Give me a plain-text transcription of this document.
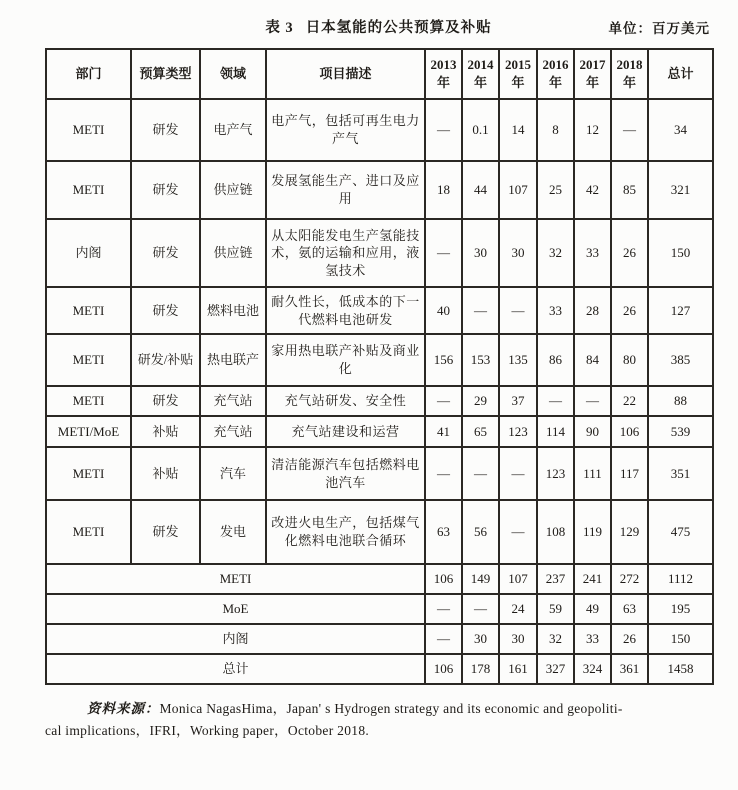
表 3 日本氢能的公共预算及补贴	单位：百万美元
部门	预算类型	领域	项目描述	2013 年	2014 年	2015 年	2016 年	2017 年	2018 年	总计
METI	研发	电产气	电产气，包括可再生电力产气	—	0.1	14	8	12	—	34
METI	研发	供应链	发展氢能生产、进口及应用	18	44	107	25	42	85	321
内阁	研发	供应链	从太阳能发电生产氢能技术，氨的运输和应用，液氢技术	—	30	30	32	33	26	150
METI	研发	燃料电池	耐久性长，低成本的下一代燃料电池研发	40	—	—	33	28	26	127
METI	研发/补贴	热电联产	家用热电联产补贴及商业化	156	153	135	86	84	80	385
METI	研发	充气站	充气站研发、安全性	—	29	37	—	—	22	88
METI/MoE	补贴	充气站	充气站建设和运营	41	65	123	114	90	106	539
METI	补贴	汽车	清洁能源汽车包括燃料电池汽车	—	—	—	123	111	117	351
METI	研发	发电	改进火电生产，包括煤气化燃料电池联合循环	63	56	—	108	119	129	475
METI				106	149	107	237	241	272	1112
MoE				—	—	24	59	49	63	195
内阁				—	30	30	32	33	26	150
总计				106	178	161	327	324	361	1458
资料来源：Monica NagasHima，Japan' s Hydrogen strategy and its economic and geopoliti-
cal implications，IFRI，Working paper，October 2018.
